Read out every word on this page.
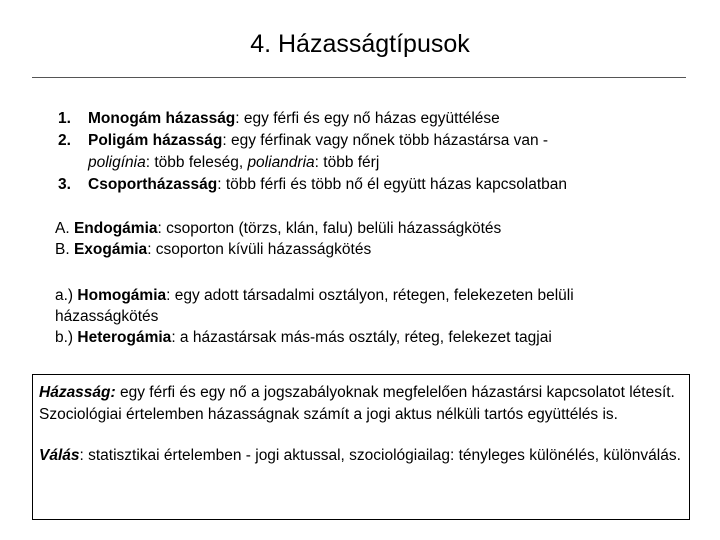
4. Házasságtípusok
1.	Monogám házasság: egy férfi és egy nő házas együttélése
2.	Poligám házasság: egy férfinak vagy nőnek több házastársa van -
poligínia: több feleség, poliandria: több férj
3.	Csoportházasság: több férfi és több nő él együtt házas kapcsolatban
A. Endogámia: csoporton (törzs, klán, falu) belüli házasságkötés
B. Exogámia: csoporton kívüli házasságkötés
a.) Homogámia: egy adott társadalmi osztályon, rétegen, felekezeten belüli házasságkötés
b.) Heterogámia: a házastársak más-más osztály, réteg, felekezet tagjai

Házasság: egy férfi és egy nő a jogszabályoknak megfelelően házastársi kapcsolatot létesít. Szociológiai értelemben házasságnak számít a jogi aktus nélküli tartós együttélés is.

Válás: statisztikai értelemben - jogi aktussal, szociológiailag: tényleges különélés, különválás.
